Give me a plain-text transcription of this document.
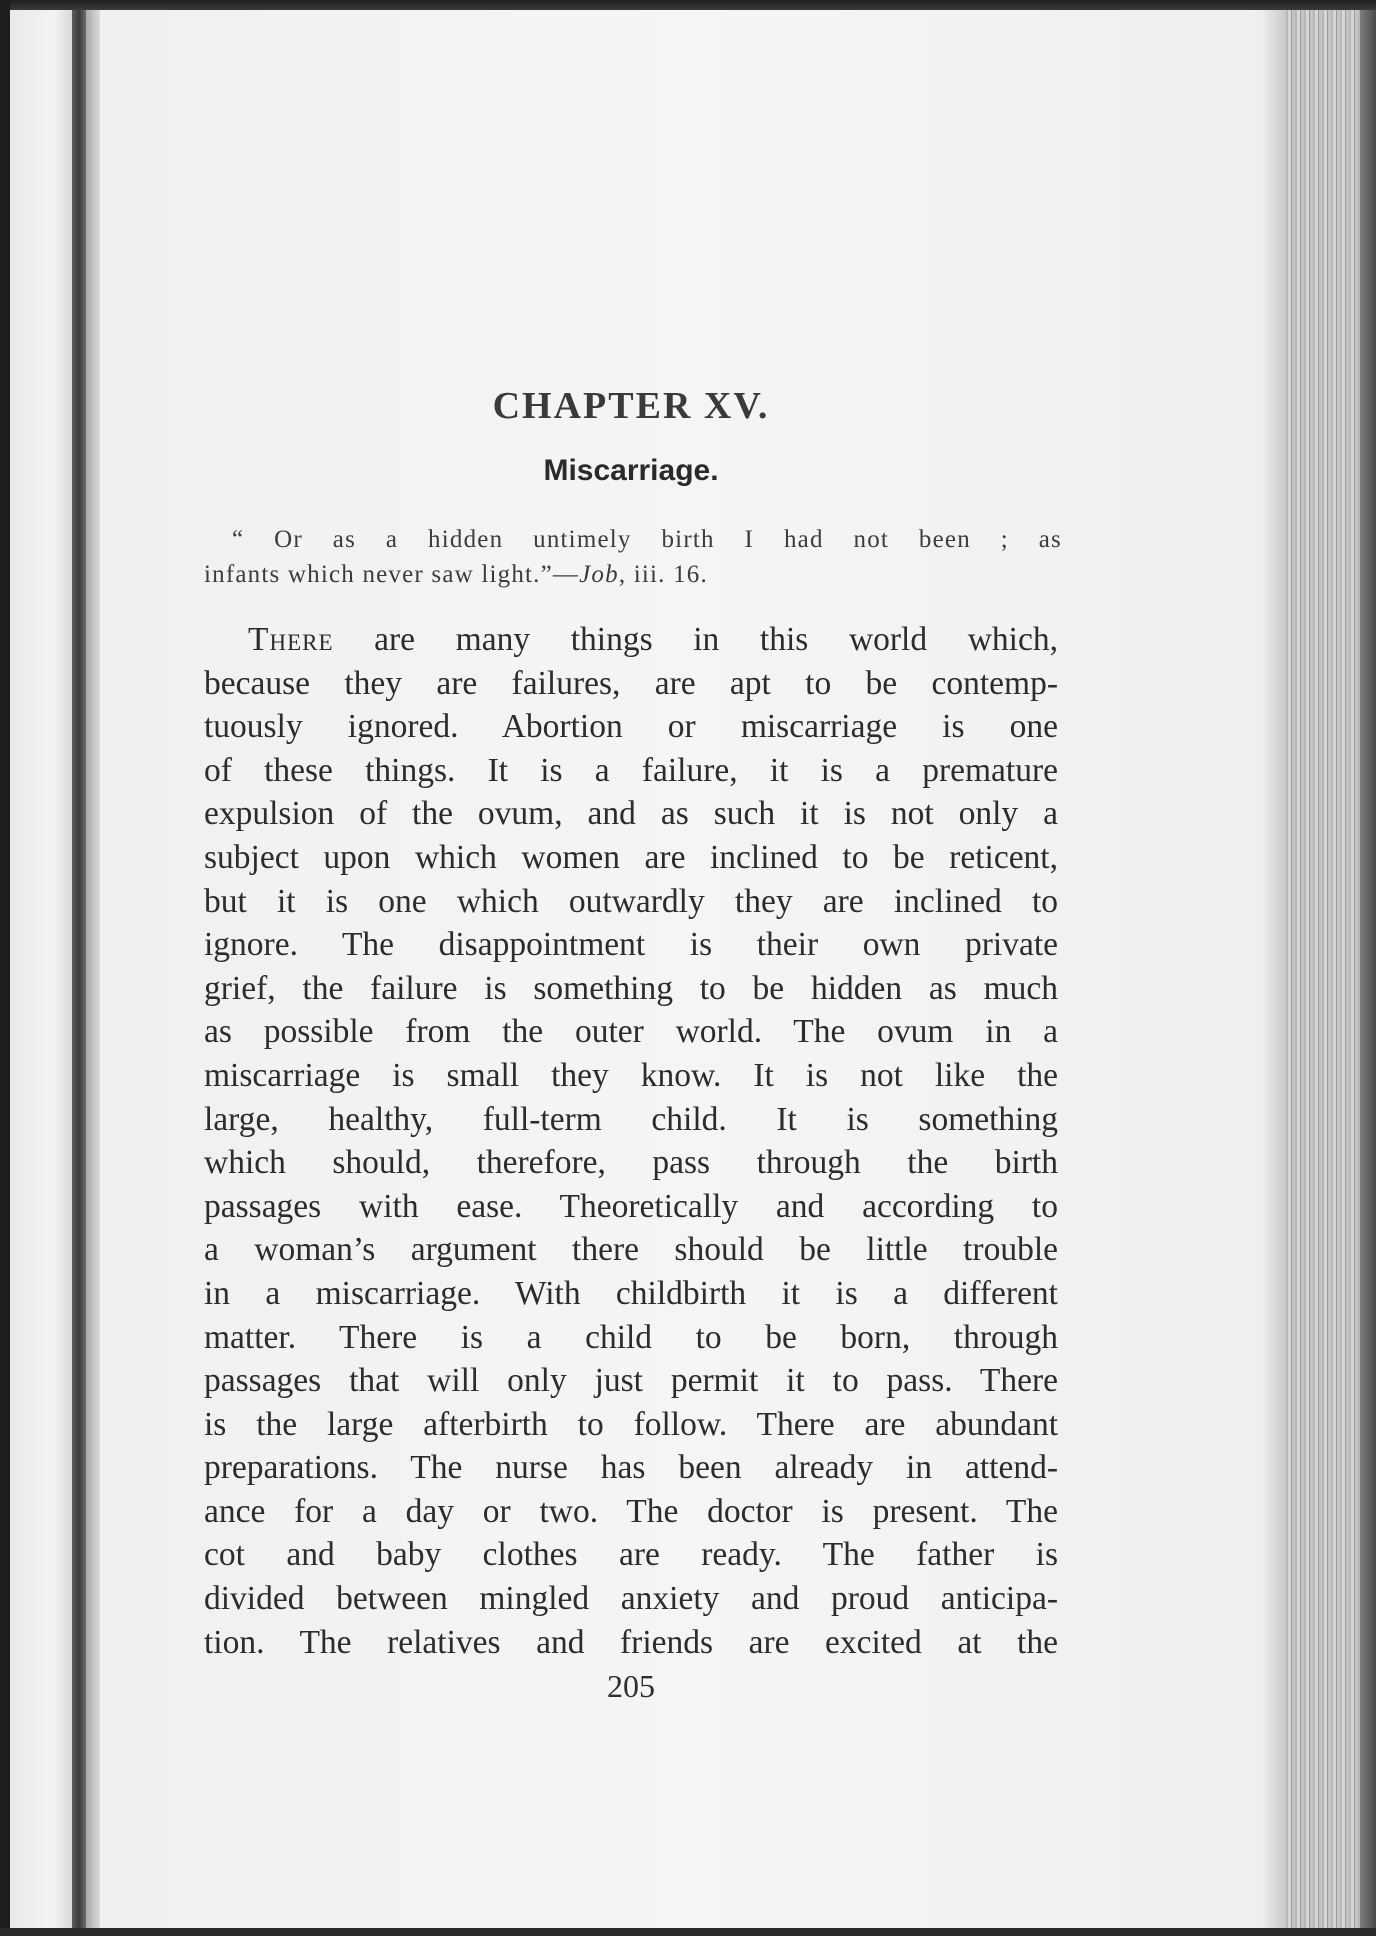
CHAPTER XV.
Miscarriage.
“ Or as a hidden untimely birth I had not been ; as
infants which never saw light.”—Job, iii. 16.
There are many things in this world which,
because they are failures, are apt to be contemp-
tuously ignored. Abortion or miscarriage is one
of these things. It is a failure, it is a premature
expulsion of the ovum, and as such it is not only a
subject upon which women are inclined to be reticent,
but it is one which outwardly they are inclined to
ignore. The disappointment is their own private
grief, the failure is something to be hidden as much
as possible from the outer world. The ovum in a
miscarriage is small they know. It is not like the
large, healthy, full-term child. It is something
which should, therefore, pass through the birth
passages with ease. Theoretically and according to
a woman’s argument there should be little trouble
in a miscarriage. With childbirth it is a different
matter. There is a child to be born, through
passages that will only just permit it to pass. There
is the large afterbirth to follow. There are abundant
preparations. The nurse has been already in attend-
ance for a day or two. The doctor is present. The
cot and baby clothes are ready. The father is
divided between mingled anxiety and proud anticipa-
tion. The relatives and friends are excited at the
205
